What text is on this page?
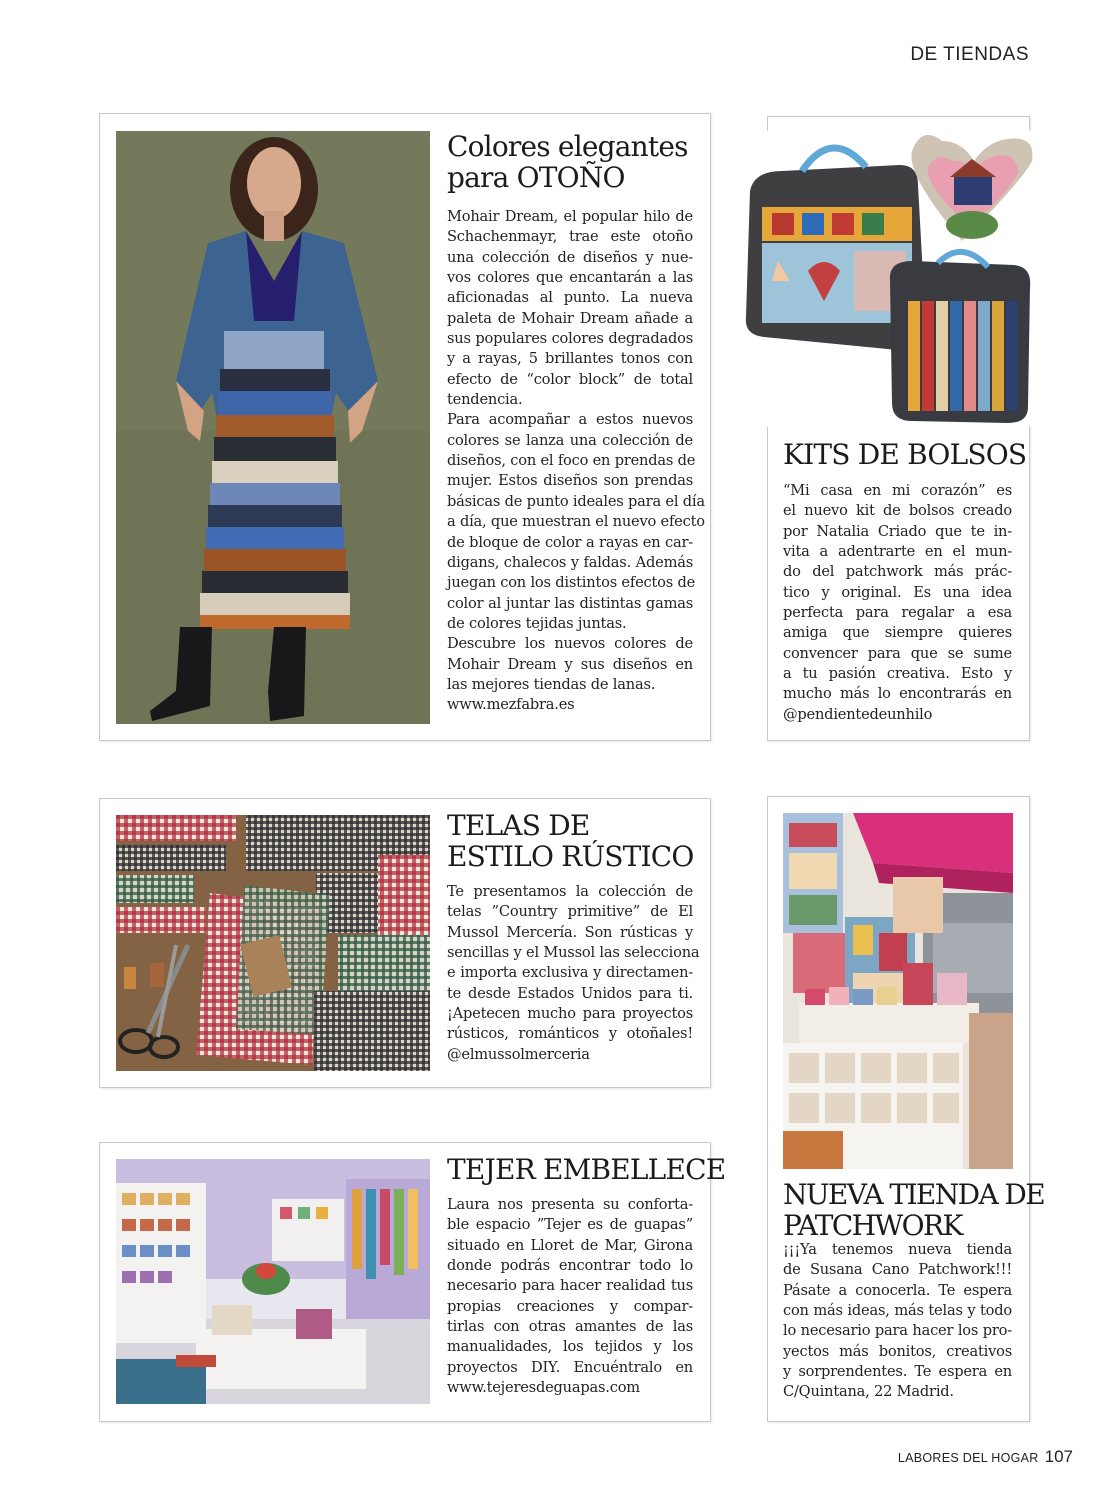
DE TIENDAS
Colores elegantes
para OTOÑO
Mohair Dream, el popular hilo de
Schachenmayr, trae este otoño
una colección de diseños y nue-
vos colores que encantarán a las
aficionadas al punto. La nueva
paleta de Mohair Dream añade a
sus populares colores degradados
y a rayas, 5 brillantes tonos con
efecto de “color block” de total
tendencia.
Para acompañar a estos nuevos
colores se lanza una colección de
diseños, con el foco en prendas de
mujer. Estos diseños son prendas
básicas de punto ideales para el día
a día, que muestran el nuevo efecto
de bloque de color a rayas en car-
digans, chalecos y faldas. Además
juegan con los distintos efectos de
color al juntar las distintas gamas
de colores tejidas juntas.
Descubre los nuevos colores de
Mohair Dream y sus diseños en
las mejores tiendas de lanas.
www.mezfabra.es
KITS DE BOLSOS
“Mi casa en mi corazón” es
el nuevo kit de bolsos creado
por Natalia Criado que te in-
vita a adentrarte en el mun-
do del patchwork más prác-
tico y original. Es una idea
perfecta para regalar a esa
amiga que siempre quieres
convencer para que se sume
a tu pasión creativa. Esto y
mucho más lo encontrarás en
@pendientedeunhilo
TELAS DE
ESTILO RÚSTICO
Te presentamos la colección de
telas ”Country primitive” de El
Mussol Mercería. Son rústicas y
sencillas y el Mussol las selecciona
e importa exclusiva y directamen-
te desde Estados Unidos para ti.
¡Apetecen mucho para proyectos
rústicos, románticos y otoñales!
@elmussolmerceria
TEJER EMBELLECE
Laura nos presenta su conforta-
ble espacio ”Tejer es de guapas”
situado en Lloret de Mar, Girona
donde podrás encontrar todo lo
necesario para hacer realidad tus
propias creaciones y compar-
tirlas con otras amantes de las
manualidades, los tejidos y los
proyectos DIY. Encuéntralo en
www.tejeresdeguapas.com
NUEVA TIENDA DE
PATCHWORK
¡¡¡Ya tenemos nueva tienda
de Susana Cano Patchwork!!!
Pásate a conocerla. Te espera
con más ideas, más telas y todo
lo necesario para hacer los pro-
yectos más bonitos, creativos
y sorprendentes. Te espera en
C/Quintana, 22 Madrid.
LABORES DEL HOGAR 107
